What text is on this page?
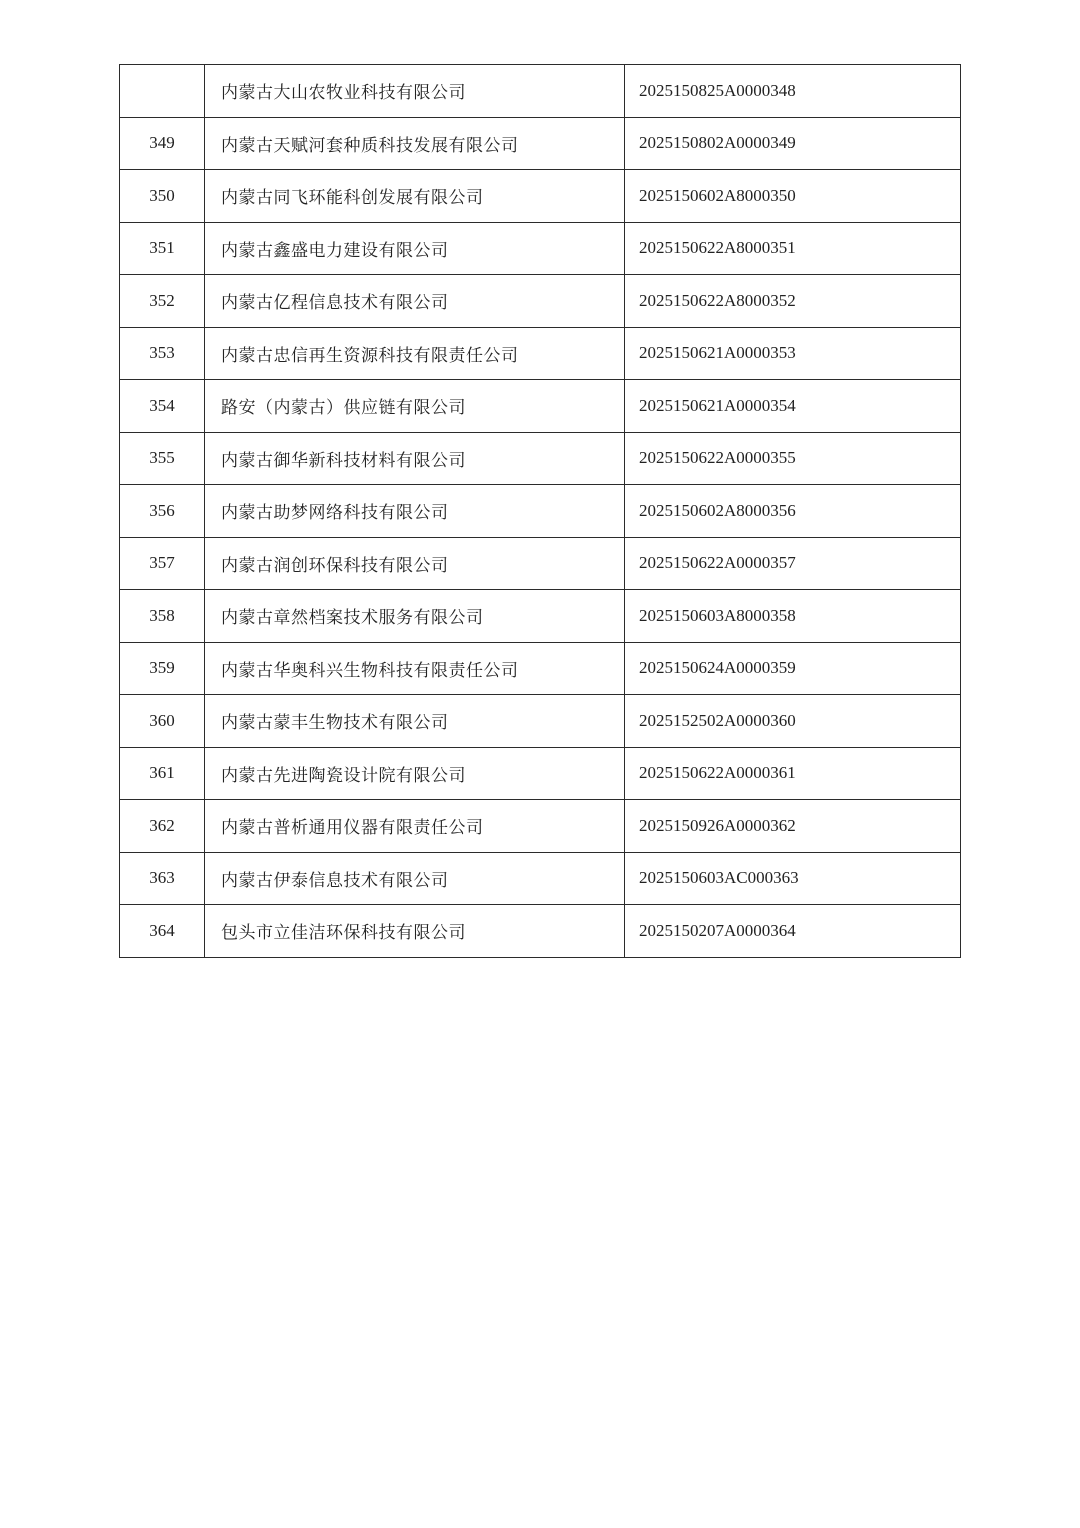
	内蒙古大山农牧业科技有限公司	2025150825A0000348
349	内蒙古天赋河套种质科技发展有限公司	2025150802A0000349
350	内蒙古同飞环能科创发展有限公司	2025150602A8000350
351	内蒙古鑫盛电力建设有限公司	2025150622A8000351
352	内蒙古亿程信息技术有限公司	2025150622A8000352
353	内蒙古忠信再生资源科技有限责任公司	2025150621A0000353
354	路安（内蒙古）供应链有限公司	2025150621A0000354
355	内蒙古御华新科技材料有限公司	2025150622A0000355
356	内蒙古助梦网络科技有限公司	2025150602A8000356
357	内蒙古润创环保科技有限公司	2025150622A0000357
358	内蒙古章然档案技术服务有限公司	2025150603A8000358
359	内蒙古华奥科兴生物科技有限责任公司	2025150624A0000359
360	内蒙古蒙丰生物技术有限公司	2025152502A0000360
361	内蒙古先进陶瓷设计院有限公司	2025150622A0000361
362	内蒙古普析通用仪器有限责任公司	2025150926A0000362
363	内蒙古伊泰信息技术有限公司	2025150603AC000363
364	包头市立佳洁环保科技有限公司	2025150207A0000364
